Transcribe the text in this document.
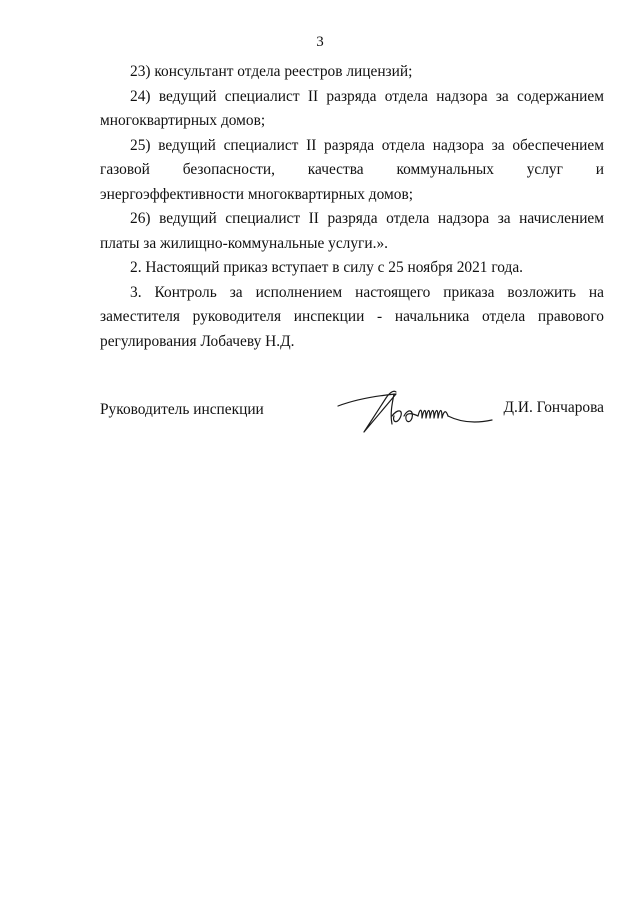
3

23) консультант отдела реестров лицензий;

24) ведущий специалист II разряда отдела надзора за содержанием многоквартирных домов;

25) ведущий специалист II разряда отдела надзора за обеспечением газовой безопасности, качества коммунальных услуг и энергоэффективности многоквартирных домов;

26) ведущий специалист II разряда отдела надзора за начислением платы за жилищно-коммунальные услуги.».

2. Настоящий приказ вступает в силу с 25 ноября 2021 года.

3. Контроль за исполнением настоящего приказа возложить на заместителя руководителя инспекции - начальника отдела правового регулирования Лобачеву Н.Д.

Руководитель инспекции	Д.И. Гончарова
